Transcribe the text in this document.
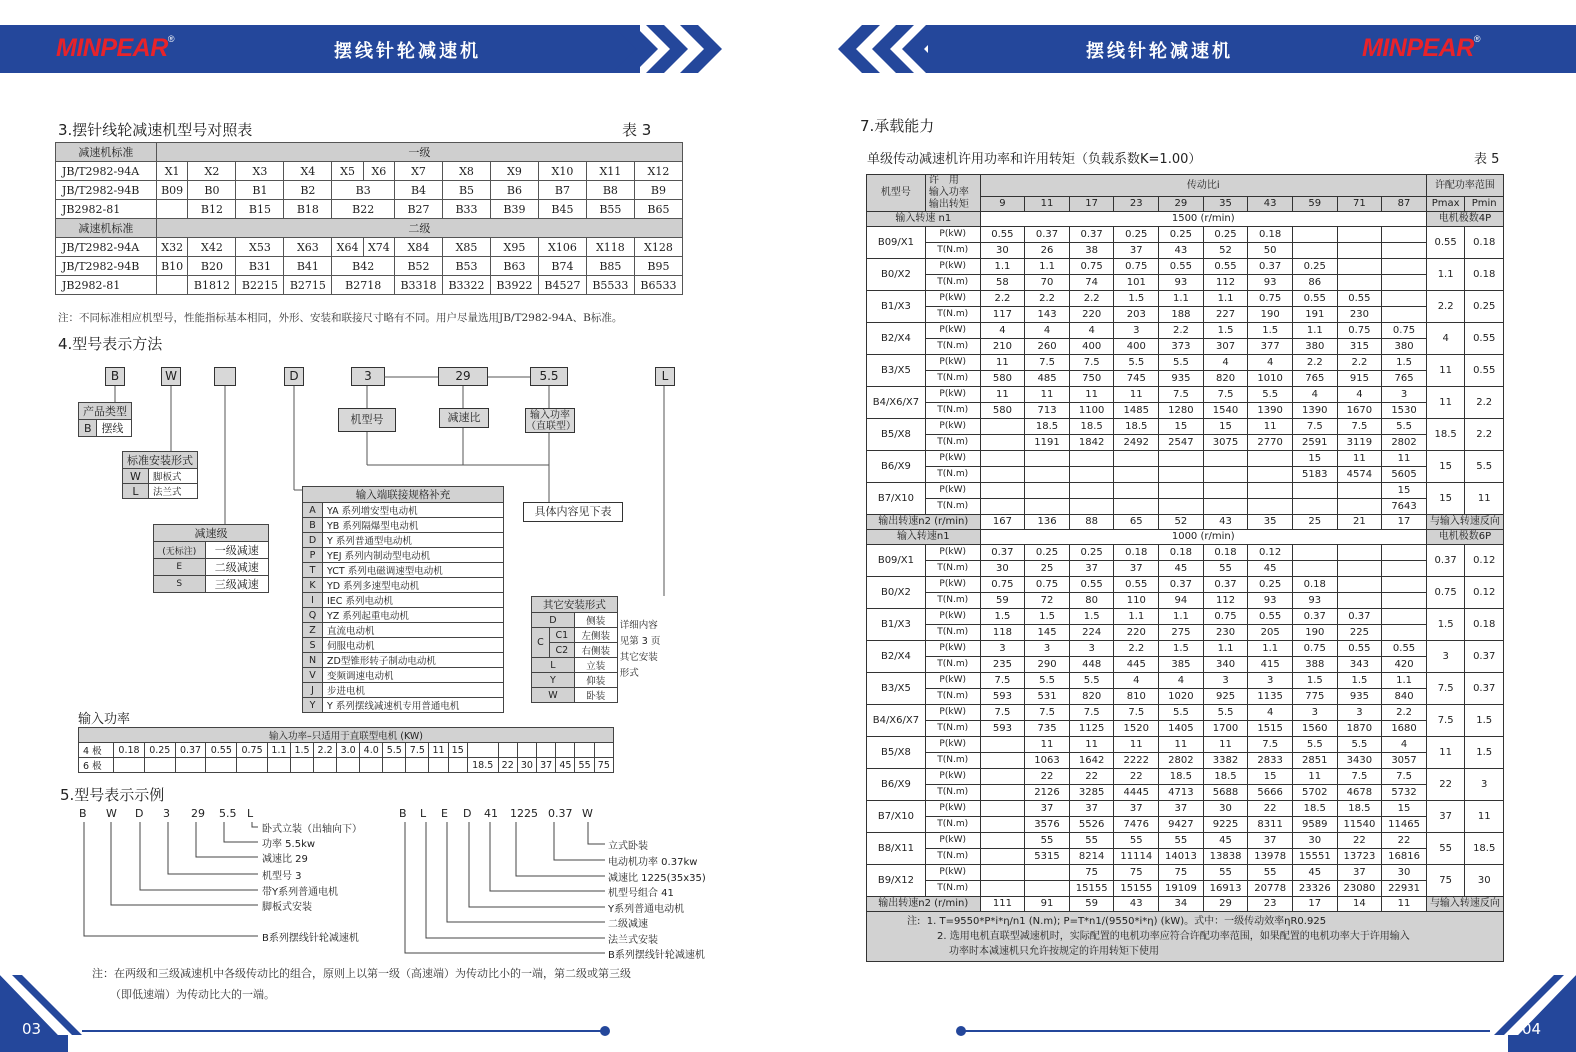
MINPEAR®
摆线针轮减速机	摆线针轮减速机	MINPEAR®
3.摆针线轮减速机型号对照表	表 3
减速机标准	一级											
JB/T2982-94A	X1	X2	X3	X4	X5	X6	X7	X8	X9	X10	X11	X12
JB/T2982-94B	B09	B0	B1	B2	B3		B4	B5	B6	B7	B8	B9
JB2982-81		B12	B15	B18	B22		B27	B33	B39	B45	B55	B65
减速机标准	二级											
JB/T2982-94A	X32	X42	X53	X63	X64	X74	X84	X85	X95	X106	X118	X128
JB/T2982-94B	B10	B20	B31	B41	B42		B52	B53	B63	B74	B85	B95
JB2982-81		B1812	B2215	B2715	B2718		B3318	B3322	B3922	B4527	B5533	B6533
注：不同标准相应机型号，性能指标基本相同，外形、安装和联接尺寸略有不同。用户尽量选用JB/T2982-94A、B标准。
4.型号表示方法
B	W	D	3	29	5.5	L
机型号	减速比	输入功率
（直联型）
具体内容见下表
产品类型
B	摆线
标准安装形式	
W	脚板式
L	法兰式
减速级	
(无标注)	一级减速
E	二级减速
S	三级减速
输入端联接规格补充	
A	YA 系列增安型电动机
B	YB 系列隔爆型电动机
D	Y 系列普通型电动机
P	YEJ 系列内制动型电动机
T	YCT 系列电磁调速型电动机
K	YD 系列多速型电动机
I	IEC 系列电动机
Q	YZ 系列起重电动机
Z	直流电动机
S	伺服电动机
N	ZD型锥形转子制动电动机
V	变频调速电动机
J	步进电机
Y	Y 系列摆线减速机专用普通电机
其它安装形式			详细内容
见第 3 页
其它安装
形式

D		侧装	
C	C1	左侧装	
	C2	右侧装	
L		立装	
Y		仰装	
W		卧装	
输入功率
输入功率–只适用于直联型电机 (KW)																					
4 极	0.18	0.25	0.37	0.55	0.75	1.1	1.5	2.2	3.0	4.0	5.5	7.5	11	15							
6 极															18.5	22	30	37	45	55	75
5.型号表示示例
B W D 3 29 5.5 L
卧式立装（出轴向下）
功率 5.5kw
减速比 29
机型号 3
带Y系列普通电机
脚板式安装
B系列摆线针轮减速机
B L E D 41 1225 0.37 W
立式卧装
电动机功率 0.37kw
减速比 1225(35x35)
机型号组合 41
Y系列普通电动机
二级减速
法兰式安装
B系列摆线针轮减速机
注：在两级和三级减速机中各级传动比的组合，原则上以第一级（高速端）为传动比小的一端，第二级或第三级
（即低速端）为传动比大的一端。
03
7.承载能力
单级传动减速机许用功率和许用转矩（负载系数K=1.00）	表 5
机型号	许　用
输入功率
输出转矩	传动比i										许配功率范围	

		9	11	17	23	29	35	43	59	71	87	Pmax	Pmin
输入转速 n1		1500 (r/min)										电机极数4P	
B09/X1	P(kW)	0.55	0.37	0.37	0.25	0.25	0.25	0.18				0.55	0.18
	T(N.m)	30	26	38	37	43	52	50					
B0/X2	P(kW)	1.1	1.1	0.75	0.75	0.55	0.55	0.37	0.25			1.1	0.18
	T(N.m)	58	70	74	101	93	112	93	86				
B1/X3	P(kW)	2.2	2.2	2.2	1.5	1.1	1.1	0.75	0.55	0.55		2.2	0.25
	T(N.m)	117	143	220	203	188	227	190	191	230			
B2/X4	P(kW)	4	4	4	3	2.2	1.5	1.5	1.1	0.75	0.75	4	0.55
	T(N.m)	210	260	400	400	373	307	377	380	315	380		
B3/X5	P(kW)	11	7.5	7.5	5.5	5.5	4	4	2.2	2.2	1.5	11	0.55
	T(N.m)	580	485	750	745	935	820	1010	765	915	765		
B4/X6/X7	P(kW)	11	11	11	11	7.5	7.5	5.5	4	4	3	11	2.2
	T(N.m)	580	713	1100	1485	1280	1540	1390	1390	1670	1530		
B5/X8	P(kW)		18.5	18.5	18.5	15	15	11	7.5	7.5	5.5	18.5	2.2
	T(N.m)		1191	1842	2492	2547	3075	2770	2591	3119	2802		
B6/X9	P(kW)								15	11	11	15	5.5
	T(N.m)								5183	4574	5605		
B7/X10	P(kW)										15	15	11
	T(N.m)										7643		
输出转速n2 (r/min)		167	136	88	65	52	43	35	25	21	17	与输入转速反向	
输入转速n1		1000 (r/min)										电机极数6P	
B09/X1	P(kW)	0.37	0.25	0.25	0.18	0.18	0.18	0.12				0.37	0.12
	T(N.m)	30	25	37	37	45	55	45					
B0/X2	P(kW)	0.75	0.75	0.55	0.55	0.37	0.37	0.25	0.18			0.75	0.12
	T(N.m)	59	72	80	110	94	112	93	93				
B1/X3	P(kW)	1.5	1.5	1.5	1.1	1.1	0.75	0.55	0.37	0.37		1.5	0.18
	T(N.m)	118	145	224	220	275	230	205	190	225			
B2/X4	P(kW)	3	3	3	2.2	1.5	1.1	1.1	0.75	0.55	0.55	3	0.37
	T(N.m)	235	290	448	445	385	340	415	388	343	420		
B3/X5	P(kW)	7.5	5.5	5.5	4	4	3	3	1.5	1.5	1.1	7.5	0.37
	T(N.m)	593	531	820	810	1020	925	1135	775	935	840		
B4/X6/X7	P(kW)	7.5	7.5	7.5	7.5	5.5	5.5	4	3	3	2.2	7.5	1.5
	T(N.m)	593	735	1125	1520	1405	1700	1515	1560	1870	1680		
B5/X8	P(kW)		11	11	11	11	11	7.5	5.5	5.5	4	11	1.5
	T(N.m)		1063	1642	2222	2802	3382	2833	2851	3430	3057		
B6/X9	P(kW)		22	22	22	18.5	18.5	15	11	7.5	7.5	22	3
	T(N.m)		2126	3285	4445	4713	5688	5666	5702	4678	5732		
B7/X10	P(kW)		37	37	37	37	30	22	18.5	18.5	15	37	11
	T(N.m)		3576	5526	7476	9427	9225	8311	9589	11540	11465		
B8/X11	P(kW)		55	55	55	55	45	37	30	22	22	55	18.5
	T(N.m)		5315	8214	11114	14013	13838	13978	15551	13723	16816		
B9/X12	P(kW)			75	75	75	55	55	45	37	30	75	30
	T(N.m)			15155	15155	19109	16913	20778	23326	23080	22931		
输出转速n2 (r/min)		111	91	59	43	34	29	23	17	14	11	与输入转速反向	

注: 1. T=9550*P*i*η/n1 (N.m); P=T*n1/(9550*i*η) (kW)。式中：一级传动效率ηR0.925
2. 选用电机直联型减速机时，实际配置的电机功率应符合许配功率范围，如果配置的电机功率大于许用输入
功率时本减速机只允许按规定的许用转矩下使用													
04
